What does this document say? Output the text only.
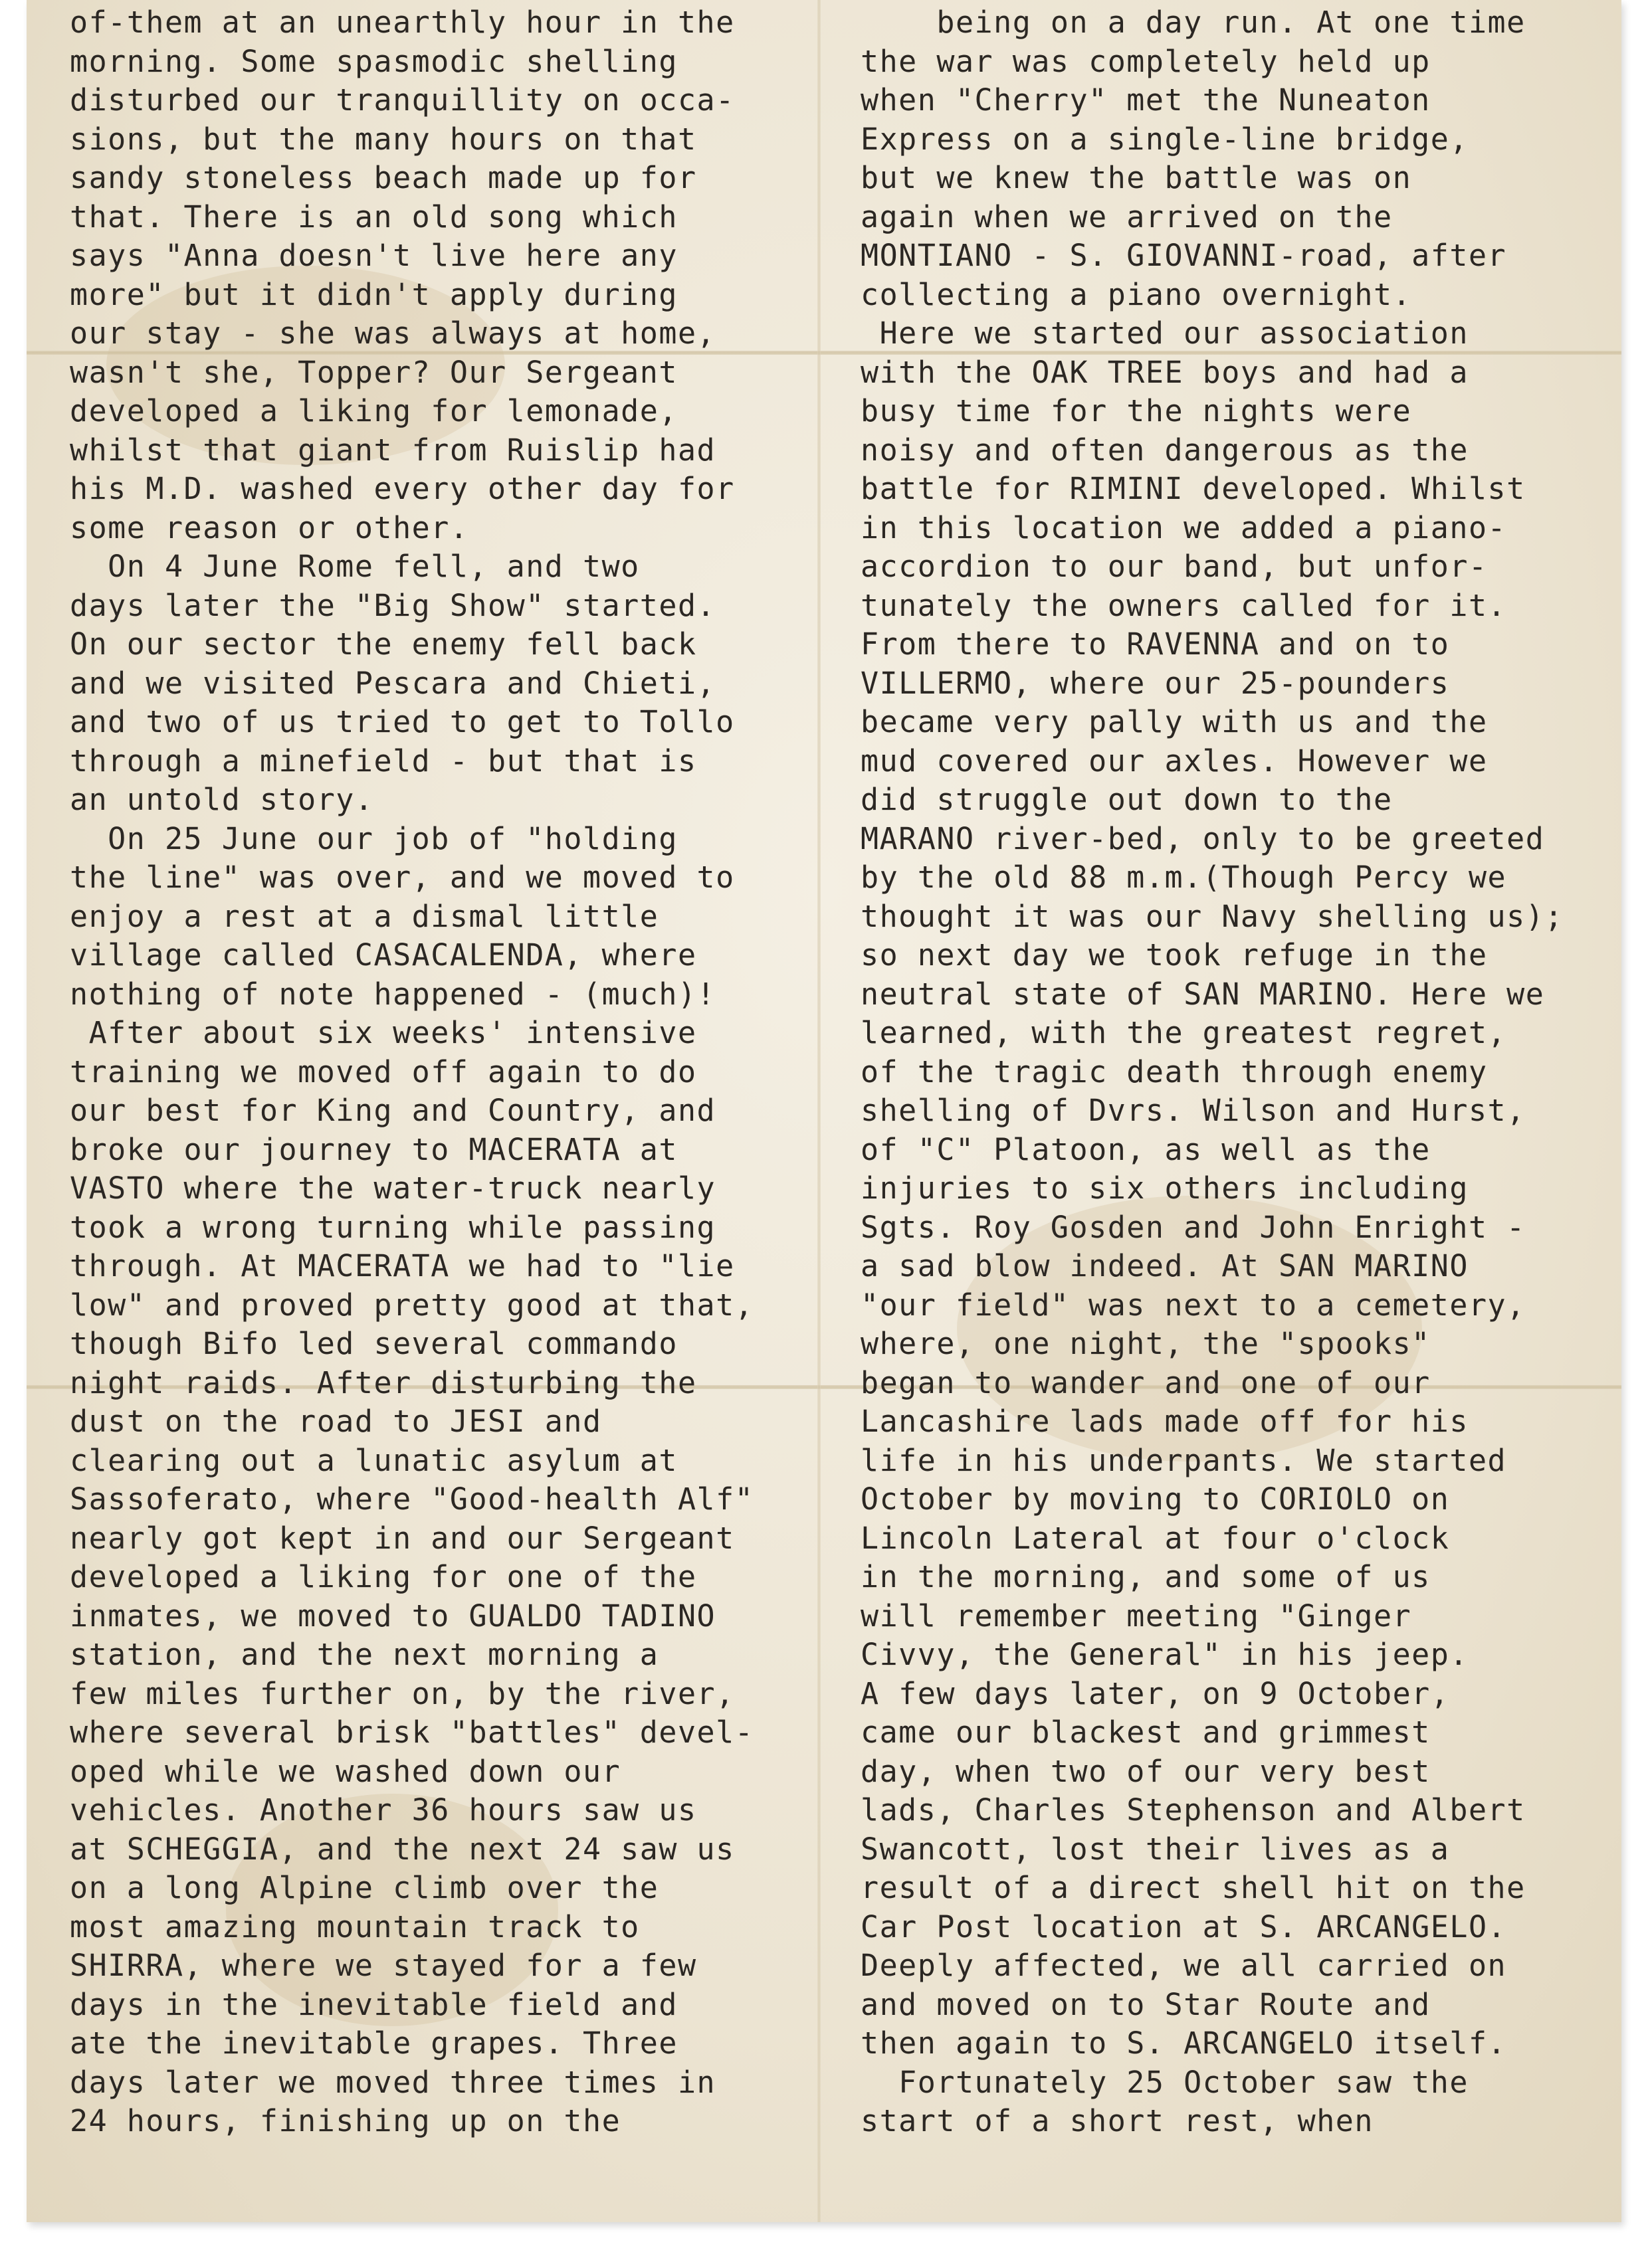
of-them at an unearthly hour in the
morning. Some spasmodic shelling
disturbed our tranquillity on occa-
sions, but the many hours on that
sandy stoneless beach made up for
that. There is an old song which
says "Anna doesn't live here any
more" but it didn't apply during
our stay - she was always at home,
wasn't she, Topper? Our Sergeant
developed a liking for lemonade,
whilst that giant from Ruislip had
his M.D. washed every other day for
some reason or other.
On 4 June Rome fell, and two
days later the "Big Show" started.
On our sector the enemy fell back
and we visited Pescara and Chieti,
and two of us tried to get to Tollo
through a minefield - but that is
an untold story.
On 25 June our job of "holding
the line" was over, and we moved to
enjoy a rest at a dismal little
village called CASACALENDA, where
nothing of note happened - (much)!
After about six weeks' intensive
training we moved off again to do
our best for King and Country, and
broke our journey to MACERATA at
VASTO where the water-truck nearly
took a wrong turning while passing
through. At MACERATA we had to "lie
low" and proved pretty good at that,
though Bifo led several commando
night raids. After disturbing the
dust on the road to JESI and
clearing out a lunatic asylum at
Sassoferato, where "Good-health Alf"
nearly got kept in and our Sergeant
developed a liking for one of the
inmates, we moved to GUALDO TADINO
station, and the next morning a
few miles further on, by the river,
where several brisk "battles" devel-
oped while we washed down our
vehicles. Another 36 hours saw us
at SCHEGGIA, and the next 24 saw us
on a long Alpine climb over the
most amazing mountain track to
SHIRRA, where we stayed for a few
days in the inevitable field and
ate the inevitable grapes. Three
days later we moved three times in
24 hours, finishing up on the
being on a day run. At one time
the war was completely held up
when "Cherry" met the Nuneaton
Express on a single-line bridge,
but we knew the battle was on
again when we arrived on the
MONTIANO - S. GIOVANNI-road, after
collecting a piano overnight.
Here we started our association
with the OAK TREE boys and had a
busy time for the nights were
noisy and often dangerous as the
battle for RIMINI developed. Whilst
in this location we added a piano-
accordion to our band, but unfor-
tunately the owners called for it.
From there to RAVENNA and on to
VILLERMO, where our 25-pounders
became very pally with us and the
mud covered our axles. However we
did struggle out down to the
MARANO river-bed, only to be greeted
by the old 88 m.m.(Though Percy we
thought it was our Navy shelling us);
so next day we took refuge in the
neutral state of SAN MARINO. Here we
learned, with the greatest regret,
of the tragic death through enemy
shelling of Dvrs. Wilson and Hurst,
of "C" Platoon, as well as the
injuries to six others including
Sgts. Roy Gosden and John Enright -
a sad blow indeed. At SAN MARINO
"our field" was next to a cemetery,
where, one night, the "spooks"
began to wander and one of our
Lancashire lads made off for his
life in his underpants. We started
October by moving to CORIOLO on
Lincoln Lateral at four o'clock
in the morning, and some of us
will remember meeting "Ginger
Civvy, the General" in his jeep.
A few days later, on 9 October,
came our blackest and grimmest
day, when two of our very best
lads, Charles Stephenson and Albert
Swancott, lost their lives as a
result of a direct shell hit on the
Car Post location at S. ARCANGELO.
Deeply affected, we all carried on
and moved on to Star Route and
then again to S. ARCANGELO itself.
Fortunately 25 October saw the
start of a short rest, when
